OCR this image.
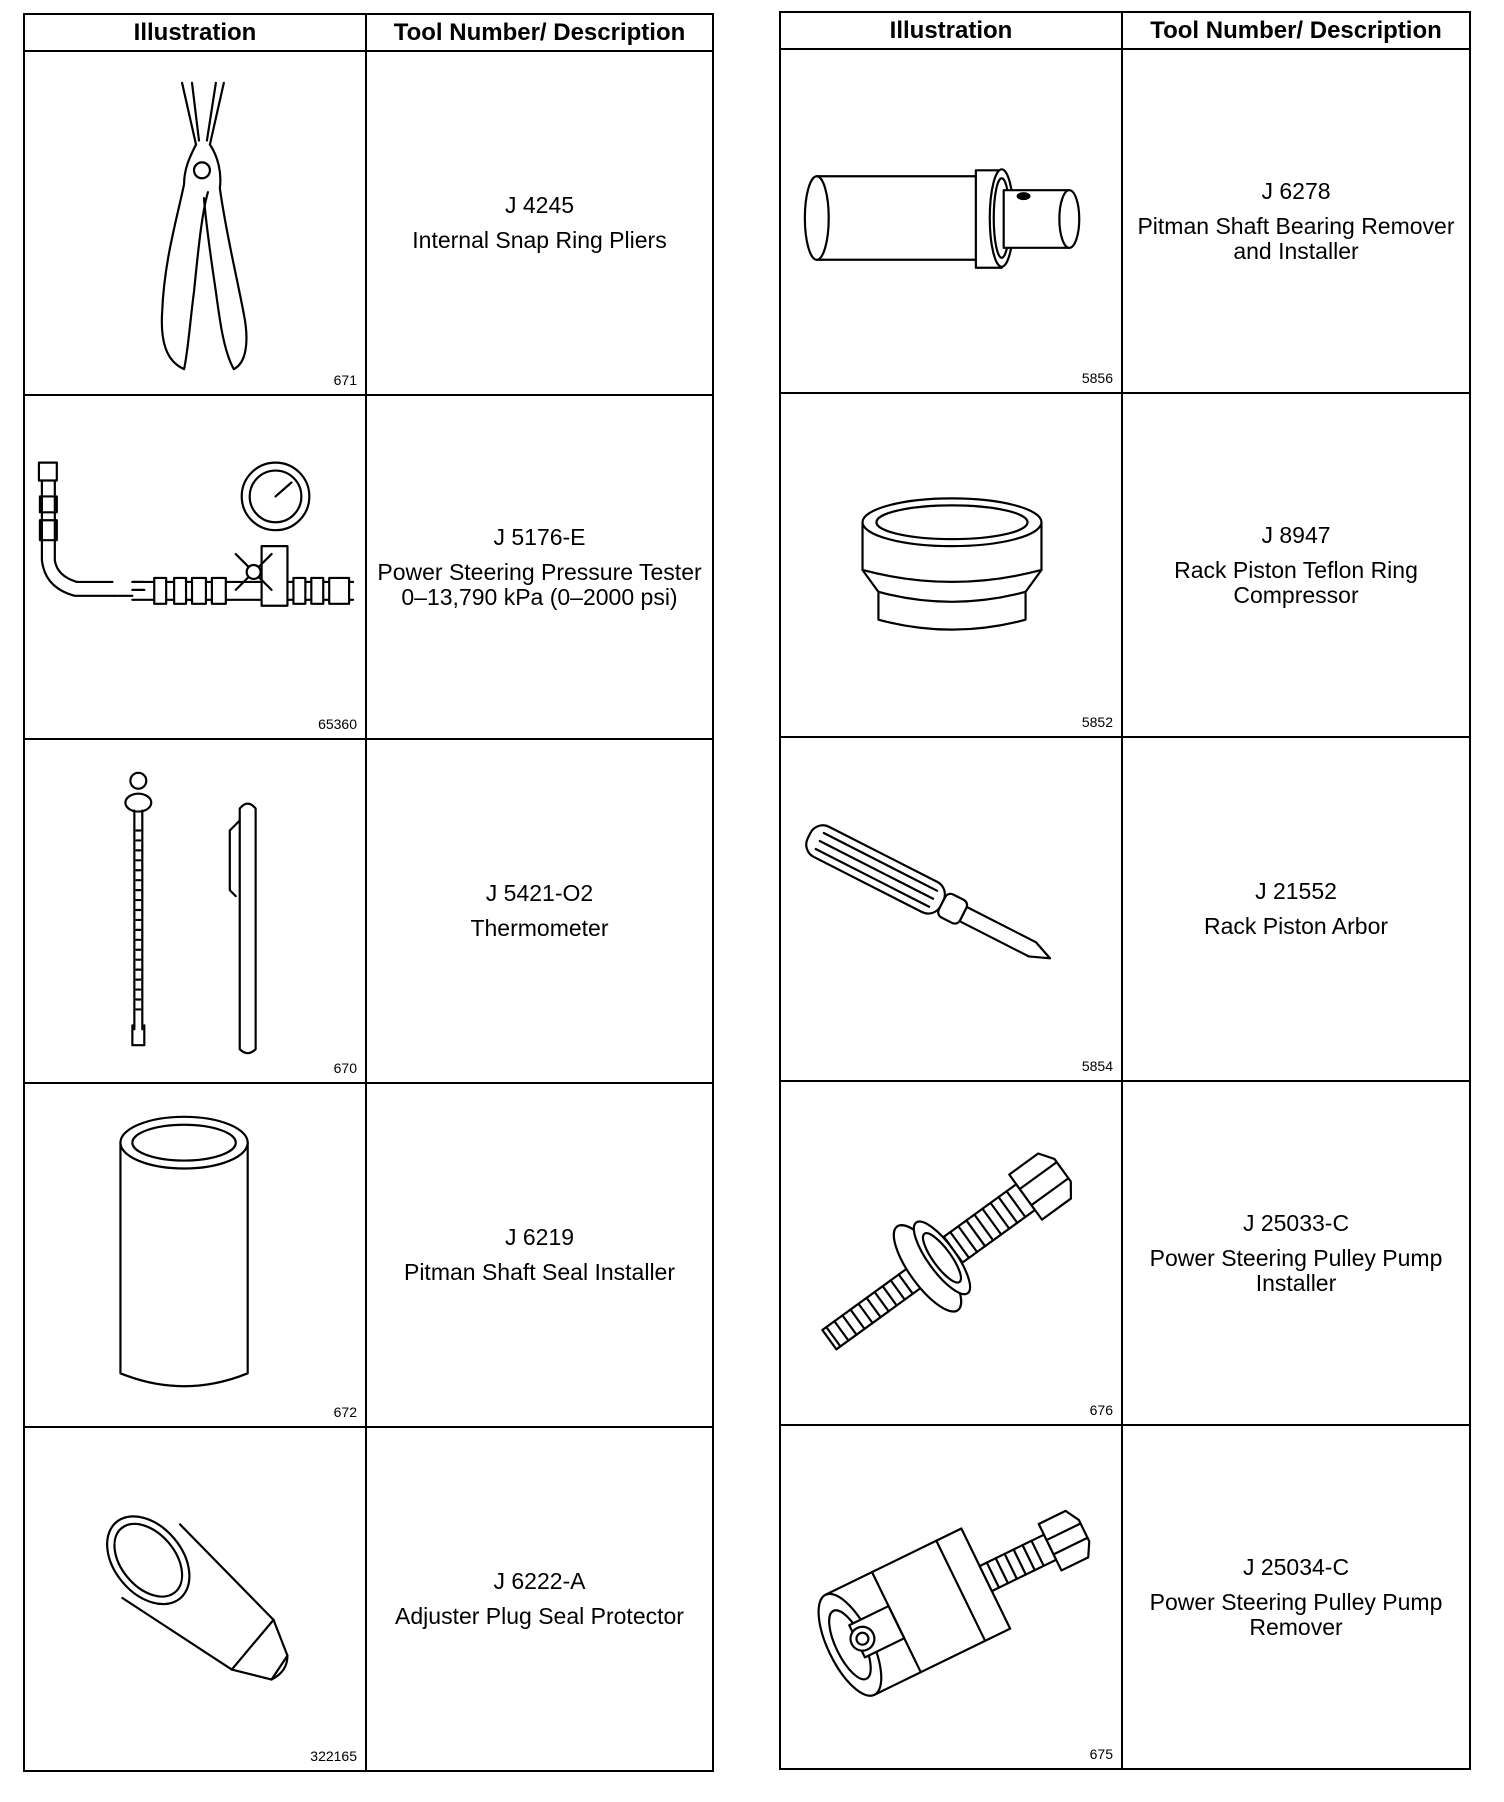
Illustration	Tool Number/ Description

671	J 4245
Internal Snap Ring Pliers

65360	J 5176-E
Power Steering Pressure Tester 0–13,790 kPa (0–2000 psi)

670	J 5421-O2
Thermometer

672	J 6219
Pitman Shaft Seal Installer

322165	J 6222-A
Adjuster Plug Seal Protector
Illustration	Tool Number/ Description

5856	J 6278
Pitman Shaft Bearing Remover and Installer

5852	J 8947
Rack Piston Teflon Ring Compressor

5854	J 21552
Rack Piston Arbor

676	J 25033-C
Power Steering Pulley Pump Installer

675	J 25034-C
Power Steering Pulley Pump Remover
